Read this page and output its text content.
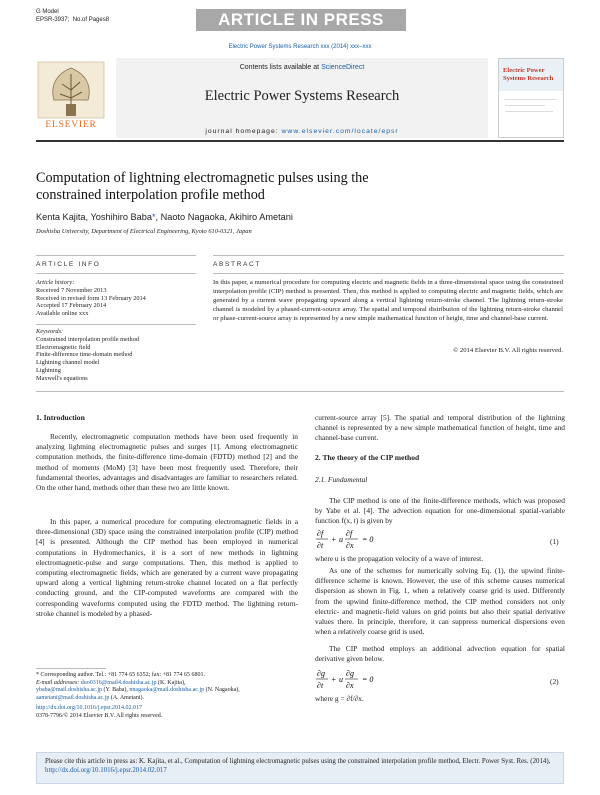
G Model
EPSR-3937; No.of Pages8	ARTICLE IN PRESS
Electric Power Systems Research xxx (2014) xxx–xxx
ELSEVIER
Contents lists available at ScienceDirect
Electric Power Systems Research
journal homepage: www.elsevier.com/locate/epsr
Electric Power Systems Research
Computation of lightning electromagnetic pulses using the
constrained interpolation profile method
Kenta Kajita, Yoshihiro Baba*, Naoto Nagaoka, Akihiro Ametani
Doshisha University, Department of Electrical Engineering, Kyoto 610-0321, Japan
ARTICLE INFO	ABSTRACT
Article history:
Received 7 November 2013
Received in revised form 13 February 2014
Accepted 17 February 2014
Available online xxx
Keywords:
Constrained interpolation profile method
Electromagnetic field
Finite-difference time-domain method
Lightning channel model
Lightning
Maxwell's equations
In this paper, a numerical procedure for computing electric and magnetic fields in a three-dimensional space using the constrained interpolation profile (CIP) method is presented. Then, this method is applied to computing electric and magnetic fields, which are generated by a current wave propagating upward along a vertical lightning return-stroke channel. The lightning return-stroke channel is modeled by a phased-current-source array. The spatial and temporal distribution of the lightning return-stroke channel or phase-current-source array is represented by a new simple mathematical function of height, time and channel-base current.
© 2014 Elsevier B.V. All rights reserved.
1. Introduction
Recently, electromagnetic computation methods have been used frequently in analyzing lightning electromagnetic pulses and surges [1]. Among electromagnetic computation methods, the finite-difference time-domain (FDTD) method [2] and the method of moments (MoM) [3] have been most frequently used. Therefore, their fundamental theories, advantages and disadvantages are familiar to researchers related. On the other hand, methods other than these two are little known.
In this paper, a numerical procedure for computing electromagnetic fields in a three-dimensional (3D) space using the constrained interpolation profile (CIP) method [4] is presented. Although the CIP method has been employed in numerical computations in Hydromechanics, it is a sort of new methods in lightning electromagnetic-pulse and surge computations. Then, this method is applied to computing electromagnetic fields, which are generated by a current wave propagating upward along a vertical lightning return-stroke channel located on a flat perfectly conducting ground, and the CIP-computed waveforms are compared with the corresponding waveforms computed using the FDTD method. The lightning return-stroke channel is modeled by a phased-
* Corresponding author. Tel.: +81 774 65 6352; fax: +81 774 65 6801.
E-mail addresses: duo0316@mail4.doshisha.ac.jp (K. Kajita),
ybaba@mail.doshisha.ac.jp (Y. Baba), nnagaoka@mail.doshisha.ac.jp (N. Nagaoka),
aametani@mail.doshisha.ac.jp (A. Ametani).
http://dx.doi.org/10.1016/j.epsr.2014.02.017
0378-7796/© 2014 Elsevier B.V. All rights reserved.
current-source array [5]. The spatial and temporal distribution of the lightning channel is represented by a new simple mathematical function of height, time and channel-base current.
2. The theory of the CIP method
2.1. Fundamental
The CIP method is one of the finite-difference methods, which was proposed by Yabe et al. [4]. The advection equation for one-dimensional spatial-variable function f(x, t) is given by
∂f
∂t
+ u
∂f
∂x
= 0	(1)
where u is the propagation velocity of a wave of interest.
As one of the schemes for numerically solving Eq. (1), the upwind finite-difference scheme is known. However, the use of this scheme causes numerical dispersion as shown in Fig. 1, when a relatively coarse grid is used. Differently from the upwind finite-difference method, the CIP method considers not only electric- and magnetic-field values on grid points but also their spatial derivative values there. In principle, therefore, it can suppress numerical dispersions even when a relatively coarse grid is used.
The CIP method employs an additional advection equation for spatial derivative given below.
∂g
∂t
+ u
∂g
∂x
= 0	(2)
where g = ∂f/∂x.
Please cite this article in press as: K. Kajita, et al., Computation of lightning electromagnetic pulses using the constrained interpolation profile method, Electr. Power Syst. Res. (2014), http://dx.doi.org/10.1016/j.epsr.2014.02.017
